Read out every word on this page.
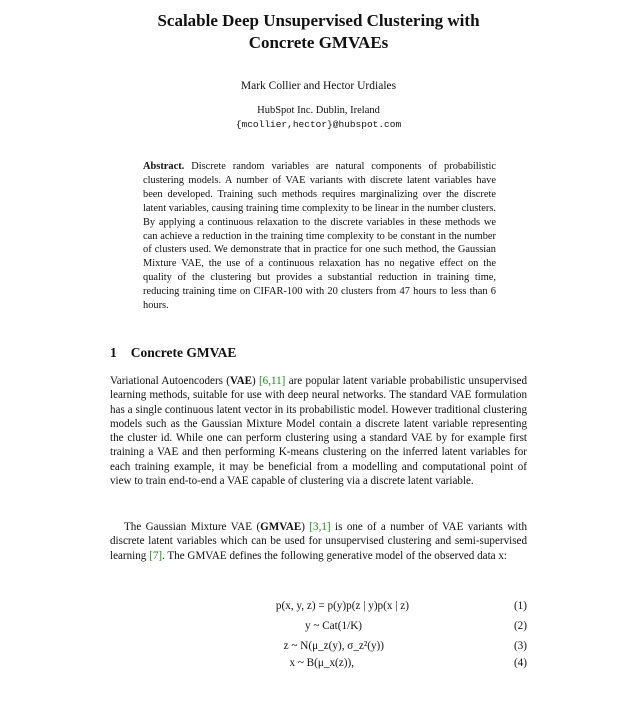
Scalable Deep Unsupervised Clustering with
Concrete GMVAEs
Mark Collier and Hector Urdiales
HubSpot Inc. Dublin, Ireland
{mcollier,hector}@hubspot.com
Abstract. Discrete random variables are natural components of probabilistic clustering models. A number of VAE variants with discrete latent variables have been developed. Training such methods requires marginalizing over the discrete latent variables, causing training time complexity to be linear in the number clusters. By applying a continuous relaxation to the discrete variables in these methods we can achieve a reduction in the training time complexity to be constant in the number of clusters used. We demonstrate that in practice for one such method, the Gaussian Mixture VAE, the use of a continuous relaxation has no negative effect on the quality of the clustering but provides a substantial reduction in training time, reducing training time on CIFAR-100 with 20 clusters from 47 hours to less than 6 hours.
1 Concrete GMVAE
Variational Autoencoders (VAE) [6,11] are popular latent variable probabilistic unsupervised learning methods, suitable for use with deep neural networks. The standard VAE formulation has a single continuous latent vector in its probabilistic model. However traditional clustering models such as the Gaussian Mixture Model contain a discrete latent variable representing the cluster id. While one can perform clustering using a standard VAE by for example first training a VAE and then performing K-means clustering on the inferred latent variables for each training example, it may be beneficial from a modelling and computational point of view to train end-to-end a VAE capable of clustering via a discrete latent variable.
The Gaussian Mixture VAE (GMVAE) [3,1] is one of a number of VAE variants with discrete latent variables which can be used for unsupervised clustering and semi-supervised learning [7]. The GMVAE defines the following generative model of the observed data x:
p(x, y, z) = p(y)p(z | y)p(x | z)	(1)
y ~ Cat(1/K)	(2)
z ~ N(μ_z(y), σ_z²(y))	(3)
x ~ B(μ_x(z)),	(4)
